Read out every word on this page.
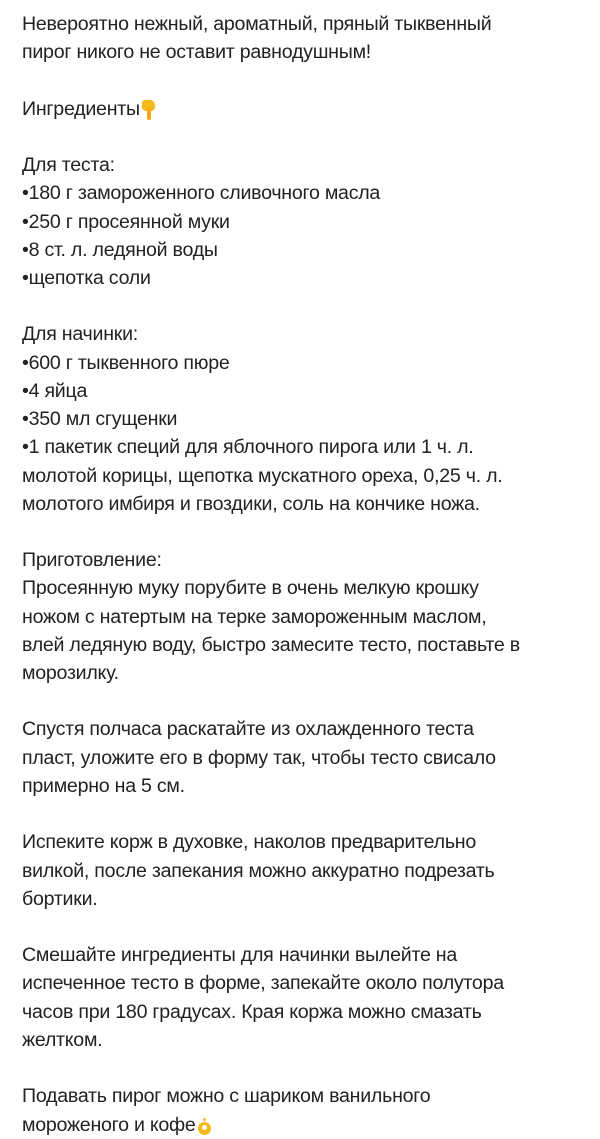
Невероятно нежный, ароматный, пряный тыквенный
пирог никого не оставит равнодушным!
Ингредиенты
Для теста:
•180 г замороженного сливочного масла
•250 г просеянной муки
•8 ст. л. ледяной воды
•щепотка соли
Для начинки:
•600 г тыквенного пюре
•4 яйца
•350 мл сгущенки
•1 пакетик специй для яблочного пирога или 1 ч. л.
молотой корицы, щепотка мускатного ореха, 0,25 ч. л.
молотого имбиря и гвоздики, соль на кончике ножа.
Приготовление:
Просеянную муку порубите в очень мелкую крошку
ножом с натертым на терке замороженным маслом,
влей ледяную воду, быстро замесите тесто, поставьте в
морозилку.
Спустя полчаса раскатайте из охлажденного теста
пласт, уложите его в форму так, чтобы тесто свисало
примерно на 5 см.
Испеките корж в духовке, наколов предварительно
вилкой, после запекания можно аккуратно подрезать
бортики.
Смешайте ингредиенты для начинки вылейте на
испеченное тесто в форме, запекайте около полутора
часов при 180 градусах. Края коржа можно смазать
желтком.
Подавать пирог можно с шариком ванильного
мороженого и кофе
